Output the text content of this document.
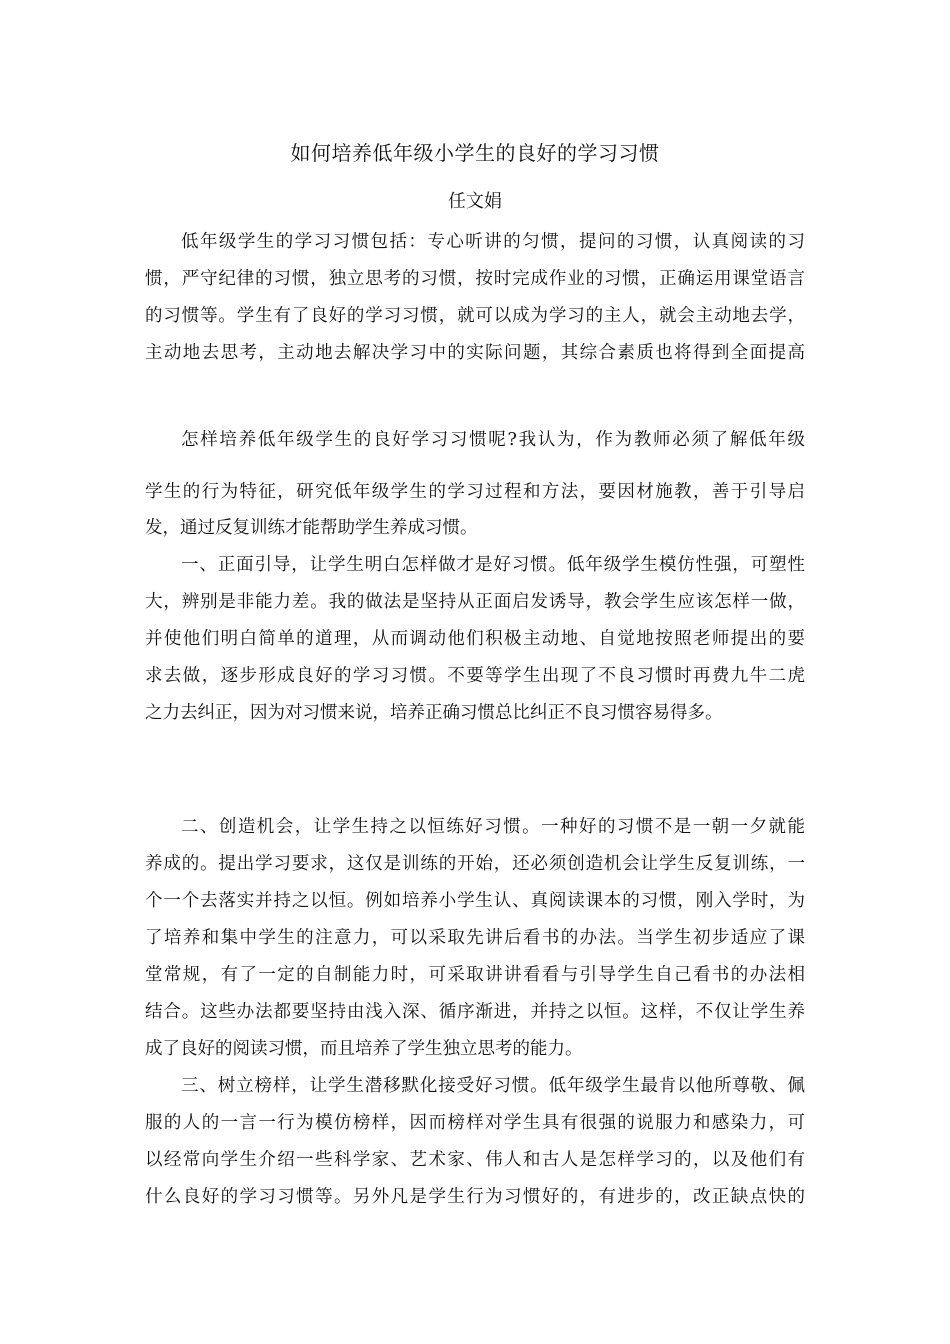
如何培养低年级小学生的良好的学习习惯
任文娟
低年级学生的学习习惯包括：专心听讲的匀惯，提问的习惯，认真阅读的习
惯，严守纪律的习惯，独立思考的习惯，按时完成作业的习惯，正确运用课堂语言
的习惯等。学生有了良好的学习习惯，就可以成为学习的主人，就会主动地去学，
主动地去思考，主动地去解决学习中的实际问题，其综合素质也将得到全面提高
怎样培养低年级学生的良好学习习惯呢?我认为，作为教师必须了解低年级
学生的行为特征，研究低年级学生的学习过程和方法，要因材施教，善于引导启
发，通过反复训练才能帮助学生养成习惯。
一、正面引导，让学生明白怎样做才是好习惯。低年级学生模仿性强，可塑性
大，辨别是非能力差。我的做法是坚持从正面启发诱导，教会学生应该怎样一做，
并使他们明白简单的道理，从而调动他们积极主动地、自觉地按照老师提出的要
求去做，逐步形成良好的学习习惯。不要等学生出现了不良习惯时再费九牛二虎
之力去纠正，因为对习惯来说，培养正确习惯总比纠正不良习惯容易得多。
二、创造机会，让学生持之以恒练好习惯。一种好的习惯不是一朝一夕就能
养成的。提出学习要求，这仅是训练的开始，还必须创造机会让学生反复训练，一
个一个去落实并持之以恒。例如培养小学生认、真阅读课本的习惯，刚入学时，为
了培养和集中学生的注意力，可以采取先讲后看书的办法。当学生初步适应了课
堂常规，有了一定的自制能力时，可采取讲讲看看与引导学生自己看书的办法相
结合。这些办法都要坚持由浅入深、循序渐进，并持之以恒。这样，不仅让学生养
成了良好的阅读习惯，而且培养了学生独立思考的能力。
三、树立榜样，让学生潜移默化接受好习惯。低年级学生最肯以他所尊敬、佩
服的人的一言一行为模仿榜样，因而榜样对学生具有很强的说服力和感染力，可
以经常向学生介绍一些科学家、艺术家、伟人和古人是怎样学习的，以及他们有
什么良好的学习习惯等。另外凡是学生行为习惯好的，有进步的，改正缺点快的
